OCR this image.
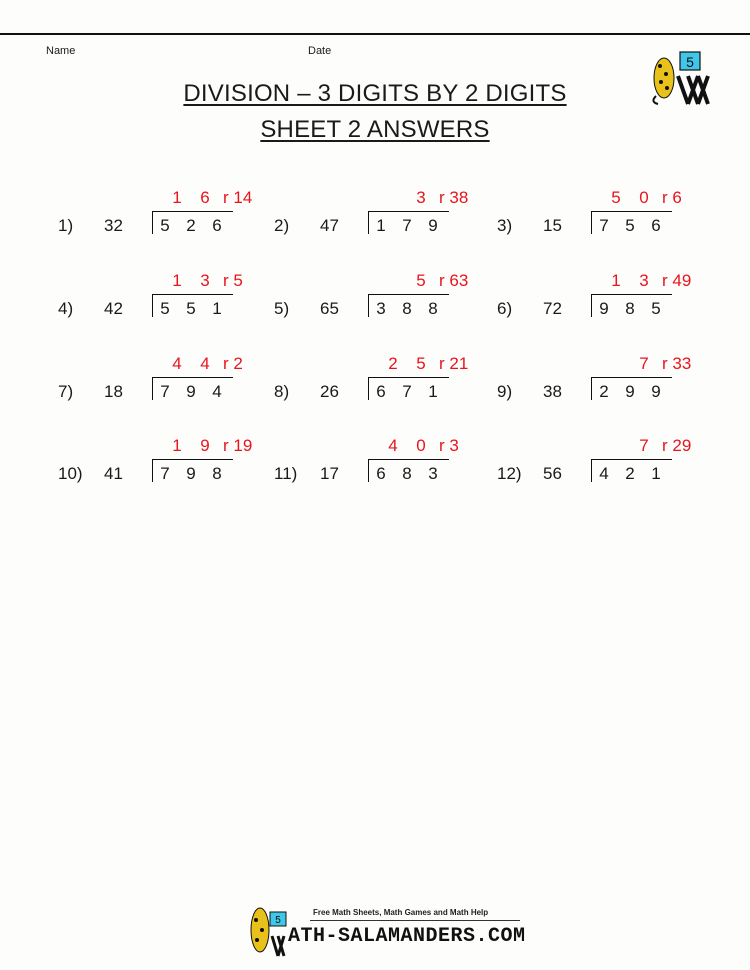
Name	Date
DIVISION – 3 DIGITS BY 2 DIGITS
SHEET 2 ANSWERS
5
1	6 r 14
1) 32 5 2 6
3 r 38
2) 47 1 7 9
5	0 r 6
3) 15 7 5 6
1	3 r 5
4) 42 5 5 1
5 r 63
5) 65 3 8 8
1	3 r 49
6) 72 9 8 5
4	4 r 2
7) 18 7 9 4
2	5 r 21
8) 26 6 7 1
7 r 33
9) 38 2 9 9
1	9 r 19
10) 41 7 9 8
4	0 r 3
11) 17 6 8 3
7 r 29
12) 56 4 2 1
5
Free Math Sheets, Math Games and Math Help
ATH-SALAMANDERS.COM
